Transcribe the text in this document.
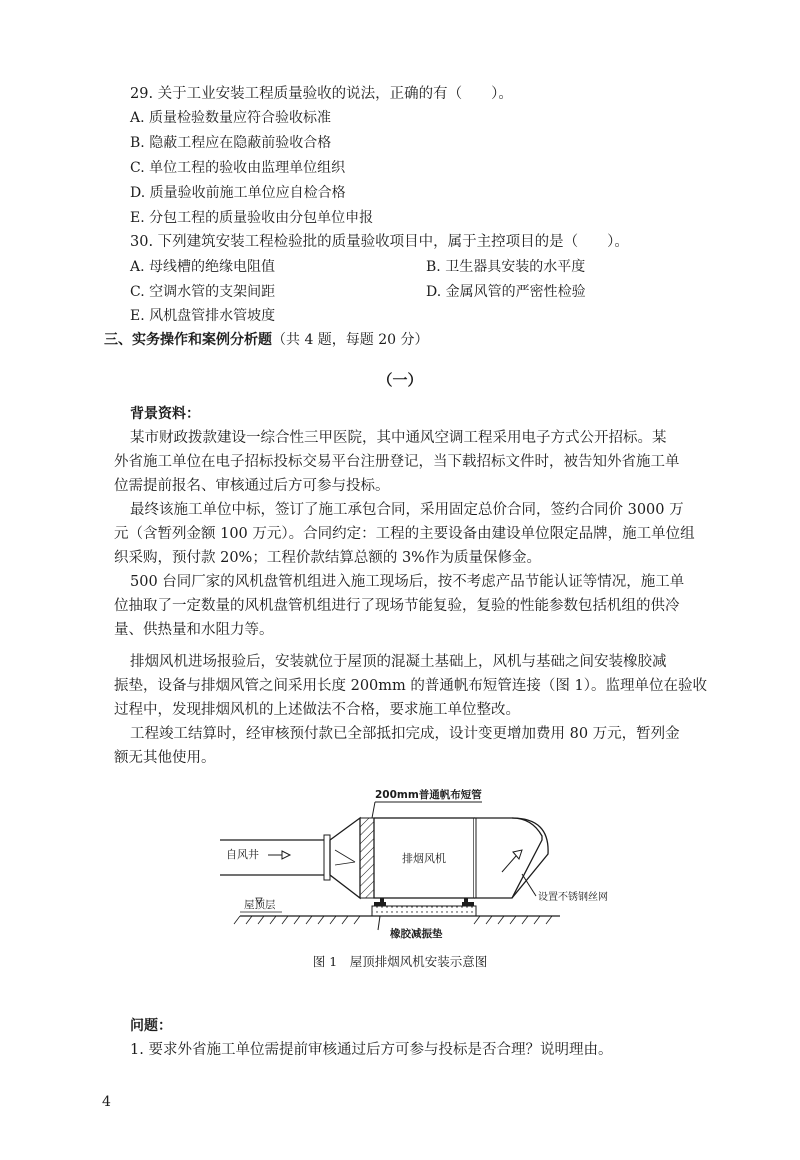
29. 关于工业安装工程质量验收的说法，正确的有（　　）。
A. 质量检验数量应符合验收标准
B. 隐蔽工程应在隐蔽前验收合格
C. 单位工程的验收由监理单位组织
D. 质量验收前施工单位应自检合格
E. 分包工程的质量验收由分包单位申报
30. 下列建筑安装工程检验批的质量验收项目中，属于主控项目的是（　　）。
A. 母线槽的绝缘电阻值	B. 卫生器具安装的水平度
C. 空调水管的支架间距	D. 金属风管的严密性检验
E. 风机盘管排水管坡度
三、实务操作和案例分析题（共 4 题，每题 20 分）
（一）
背景资料：
某市财政拨款建设一综合性三甲医院，其中通风空调工程采用电子方式公开招标。某
外省施工单位在电子招标投标交易平台注册登记，当下载招标文件时，被告知外省施工单
位需提前报名、审核通过后方可参与投标。
最终该施工单位中标，签订了施工承包合同，采用固定总价合同，签约合同价 3000 万
元（含暂列金额 100 万元）。合同约定：工程的主要设备由建设单位限定品牌，施工单位组
织采购，预付款 20%；工程价款结算总额的 3%作为质量保修金。
500 台同厂家的风机盘管机组进入施工现场后，按不考虑产品节能认证等情况，施工单
位抽取了一定数量的风机盘管机组进行了现场节能复验，复验的性能参数包括机组的供冷
量、供热量和水阻力等。
排烟风机进场报验后，安装就位于屋顶的混凝土基础上，风机与基础之间安装橡胶减
振垫，设备与排烟风管之间采用长度 200mm 的普通帆布短管连接（图 1）。监理单位在验收
过程中，发现排烟风机的上述做法不合格，要求施工单位整改。
工程竣工结算时，经审核预付款已全部抵扣完成，设计变更增加费用 80 万元，暂列金
额无其他使用。
200mm普通帆布短管
自风井	排烟风机
设置不锈钢丝网
屋顶层
橡胶减振垫
图 1　屋顶排烟风机安装示意图
问题：
1. 要求外省施工单位需提前审核通过后方可参与投标是否合理？说明理由。
4
